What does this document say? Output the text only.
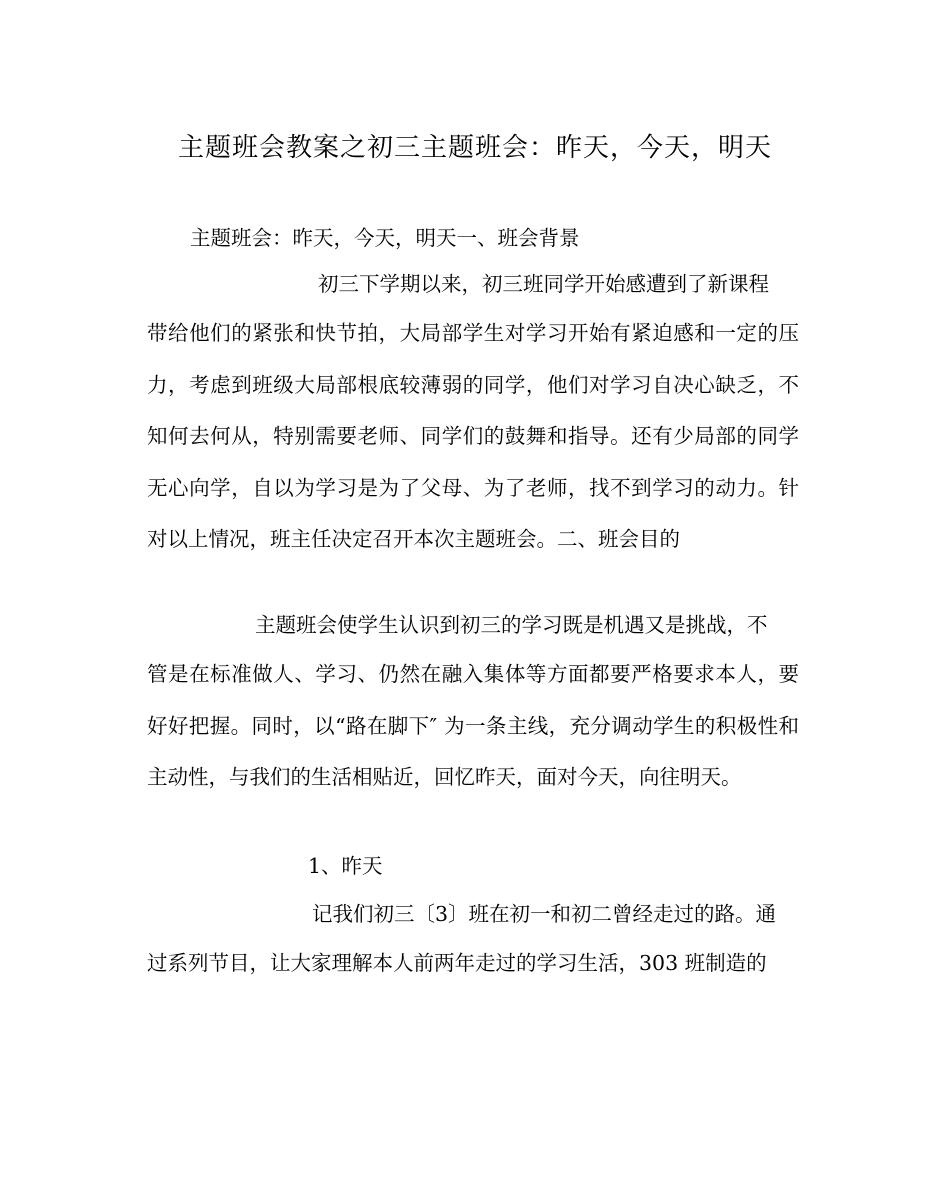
主题班会教案之初三主题班会：昨天，今天，明天
主题班会：昨天，今天，明天一、班会背景
初三下学期以来，初三班同学开始感遭到了新课程

带给他们的紧张和快节拍，大局部学生对学习开始有紧迫感和一定的压力，考虑到班级大局部根底较薄弱的同学，他们对学习自决心缺乏，不知何去何从，特别需要老师、同学们的鼓舞和指导。还有少局部的同学无心向学，自以为学习是为了父母、为了老师，找不到学习的动力。针对以上情况，班主任决定召开本次主题班会。二、班会目的

主题班会使学生认识到初三的学习既是机遇又是挑战，不

管是在标准做人、学习、仍然在融入集体等方面都要严格要求本人，要好好把握。同时，以“路在脚下″ 为一条主线，充分调动学生的积极性和主动性，与我们的生活相贴近，回忆昨天，面对今天，向往明天。

1、昨天
记我们初三〔3〕班在初一和初二曾经走过的路。通

过系列节目，让大家理解本人前两年走过的学习生活，303 班制造的
